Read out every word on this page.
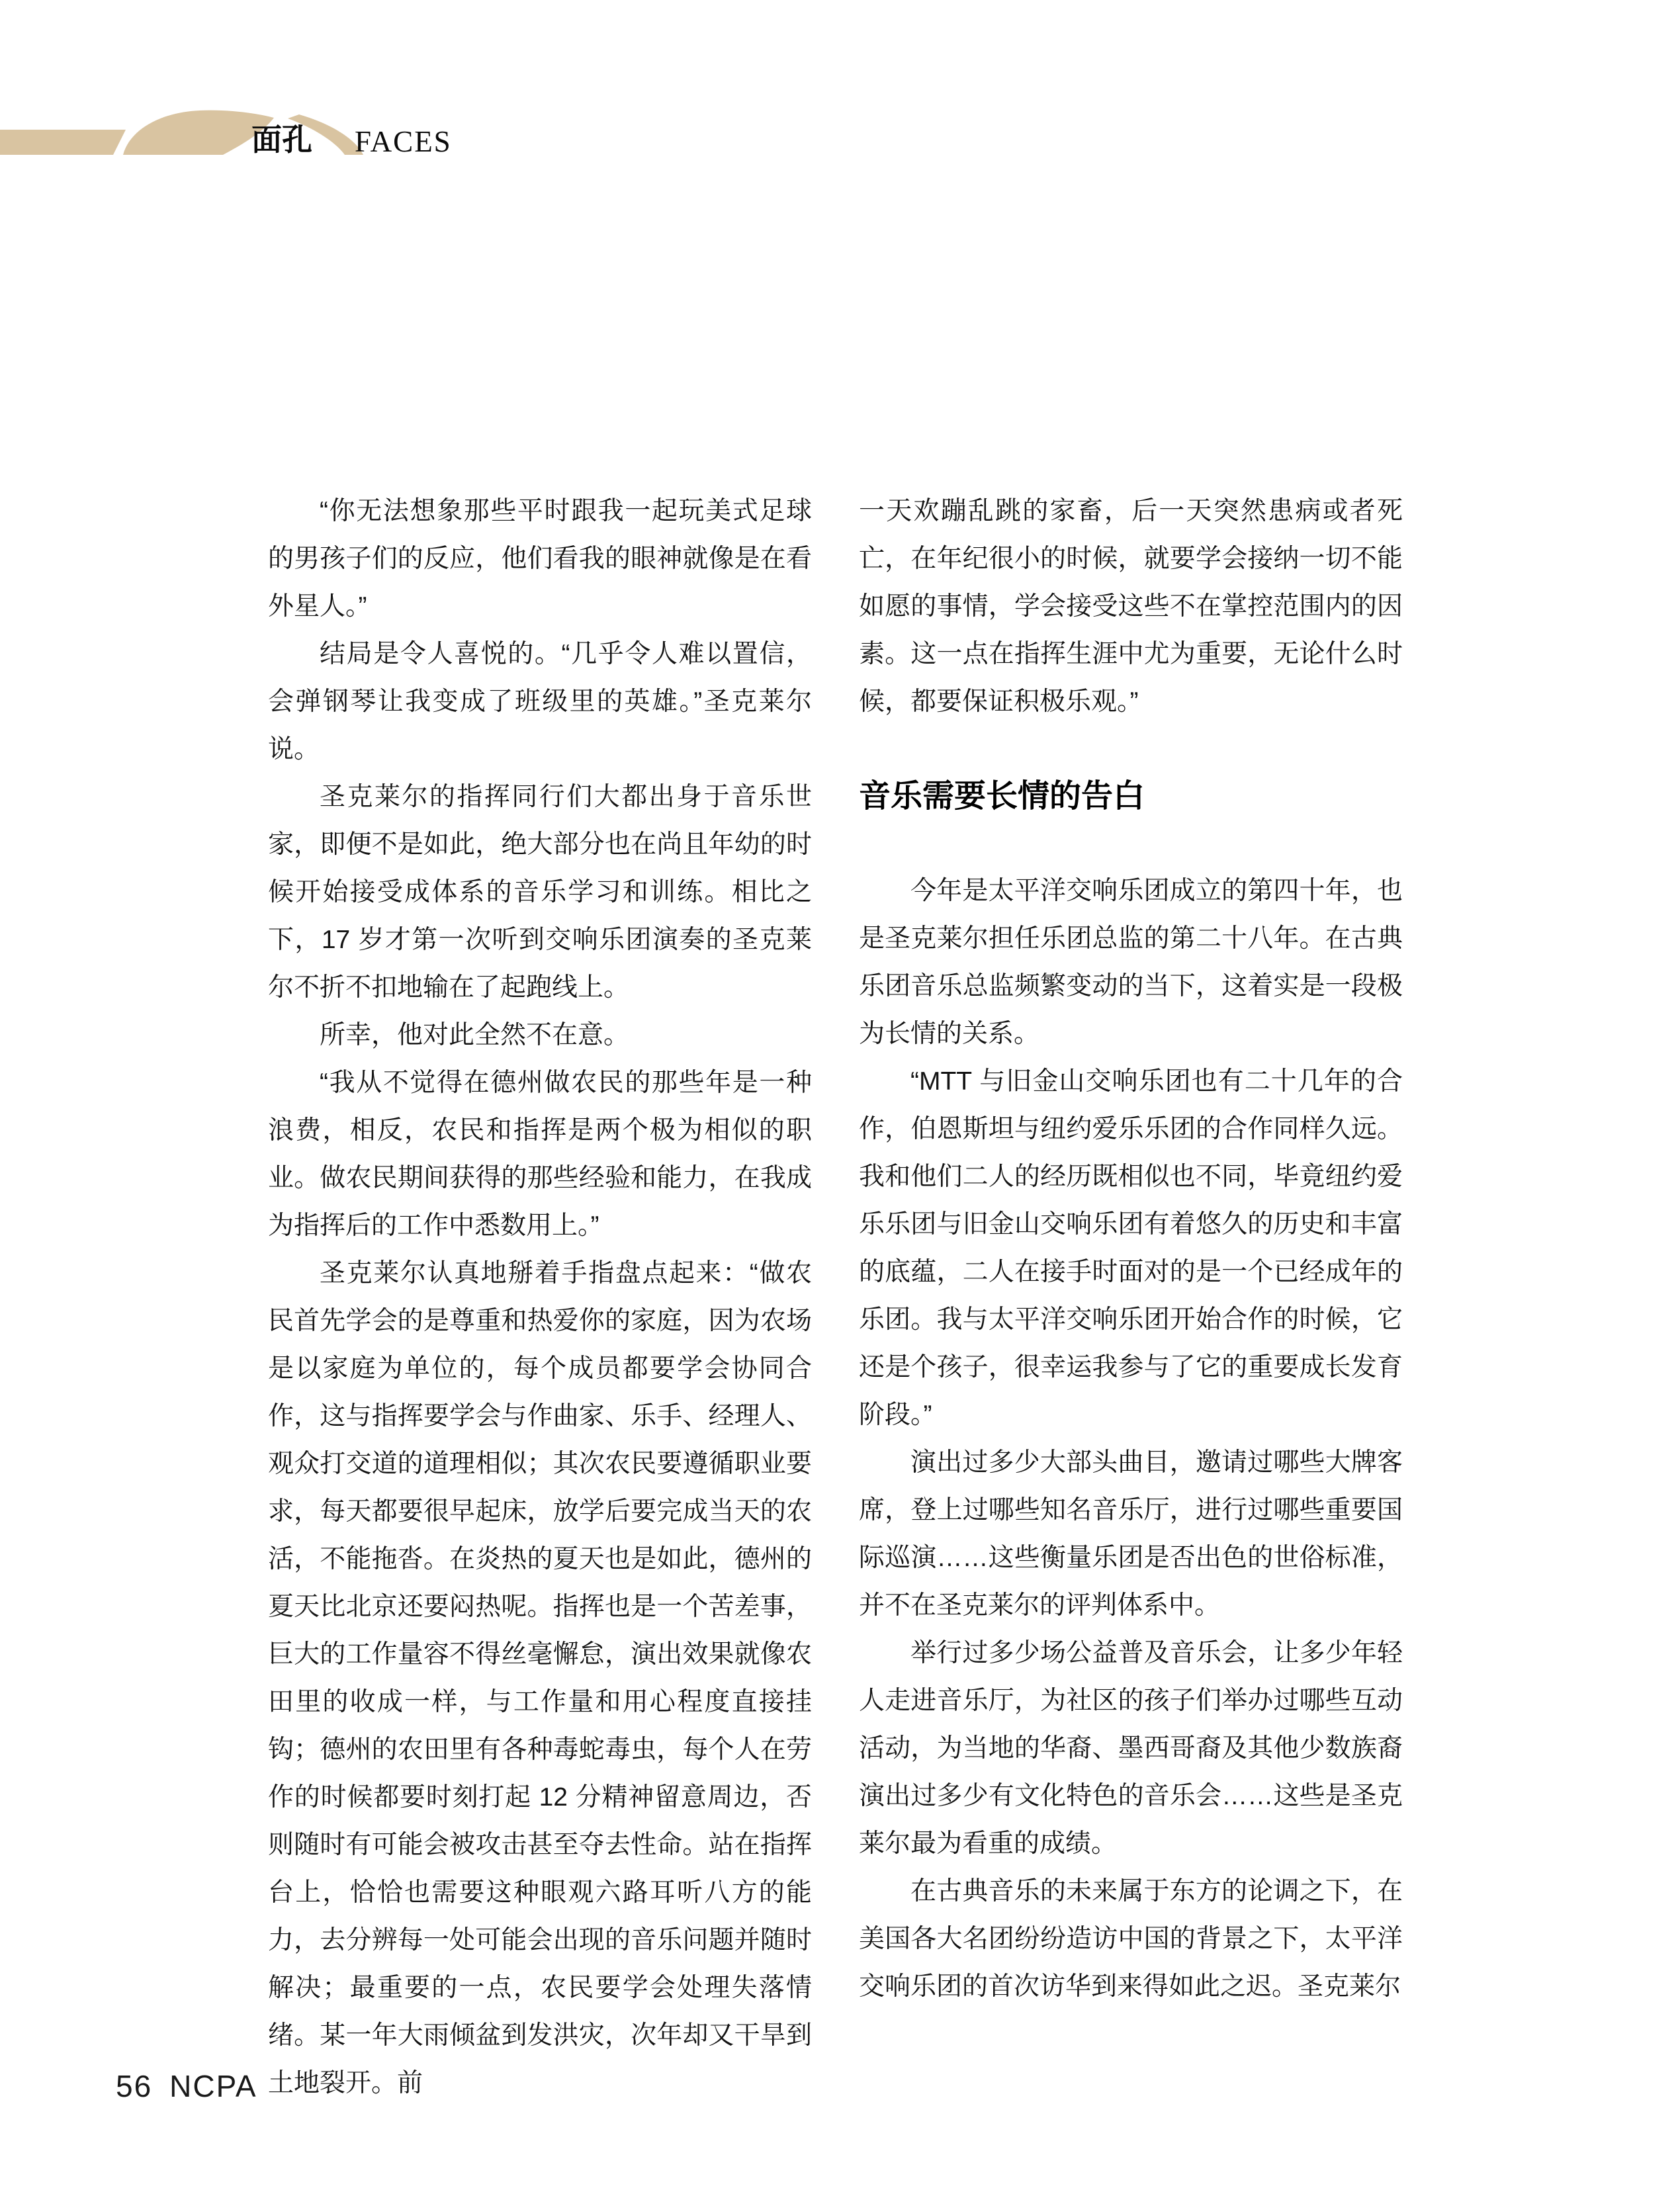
面孔 FACES

“你无法想象那些平时跟我一起玩美式足球的男孩子们的反应，他们看我的眼神就像是在看外星人。”

结局是令人喜悦的。“几乎令人难以置信，会弹钢琴让我变成了班级里的英雄。”圣克莱尔说。

圣克莱尔的指挥同行们大都出身于音乐世家，即便不是如此，绝大部分也在尚且年幼的时候开始接受成体系的音乐学习和训练。相比之下，17 岁才第一次听到交响乐团演奏的圣克莱尔不折不扣地输在了起跑线上。

所幸，他对此全然不在意。

“我从不觉得在德州做农民的那些年是一种浪费，相反，农民和指挥是两个极为相似的职业。做农民期间获得的那些经验和能力，在我成为指挥后的工作中悉数用上。”

圣克莱尔认真地掰着手指盘点起来：“做农民首先学会的是尊重和热爱你的家庭，因为农场是以家庭为单位的，每个成员都要学会协同合作，这与指挥要学会与作曲家、乐手、经理人、观众打交道的道理相似；其次农民要遵循职业要求，每天都要很早起床，放学后要完成当天的农活，不能拖沓。在炎热的夏天也是如此，德州的夏天比北京还要闷热呢。指挥也是一个苦差事，巨大的工作量容不得丝毫懈怠，演出效果就像农田里的收成一样，与工作量和用心程度直接挂钩；德州的农田里有各种毒蛇毒虫，每个人在劳作的时候都要时刻打起 12 分精神留意周边，否则随时有可能会被攻击甚至夺去性命。站在指挥台上，恰恰也需要这种眼观六路耳听八方的能力，去分辨每一处可能会出现的音乐问题并随时解决；最重要的一点，农民要学会处理失落情绪。某一年大雨倾盆到发洪灾，次年却又干旱到土地裂开。前

一天欢蹦乱跳的家畜，后一天突然患病或者死亡，在年纪很小的时候，就要学会接纳一切不能如愿的事情，学会接受这些不在掌控范围内的因素。这一点在指挥生涯中尤为重要，无论什么时候，都要保证积极乐观。”

音乐需要长情的告白

今年是太平洋交响乐团成立的第四十年，也是圣克莱尔担任乐团总监的第二十八年。在古典乐团音乐总监频繁变动的当下，这着实是一段极为长情的关系。

“MTT 与旧金山交响乐团也有二十几年的合作，伯恩斯坦与纽约爱乐乐团的合作同样久远。我和他们二人的经历既相似也不同，毕竟纽约爱乐乐团与旧金山交响乐团有着悠久的历史和丰富的底蕴，二人在接手时面对的是一个已经成年的乐团。我与太平洋交响乐团开始合作的时候，它还是个孩子，很幸运我参与了它的重要成长发育阶段。”

演出过多少大部头曲目，邀请过哪些大牌客席，登上过哪些知名音乐厅，进行过哪些重要国际巡演……这些衡量乐团是否出色的世俗标准，并不在圣克莱尔的评判体系中。

举行过多少场公益普及音乐会，让多少年轻人走进音乐厅，为社区的孩子们举办过哪些互动活动，为当地的华裔、墨西哥裔及其他少数族裔演出过多少有文化特色的音乐会……这些是圣克莱尔最为看重的成绩。

在古典音乐的未来属于东方的论调之下，在美国各大名团纷纷造访中国的背景之下，太平洋交响乐团的首次访华到来得如此之迟。圣克莱尔

56 NCPA
